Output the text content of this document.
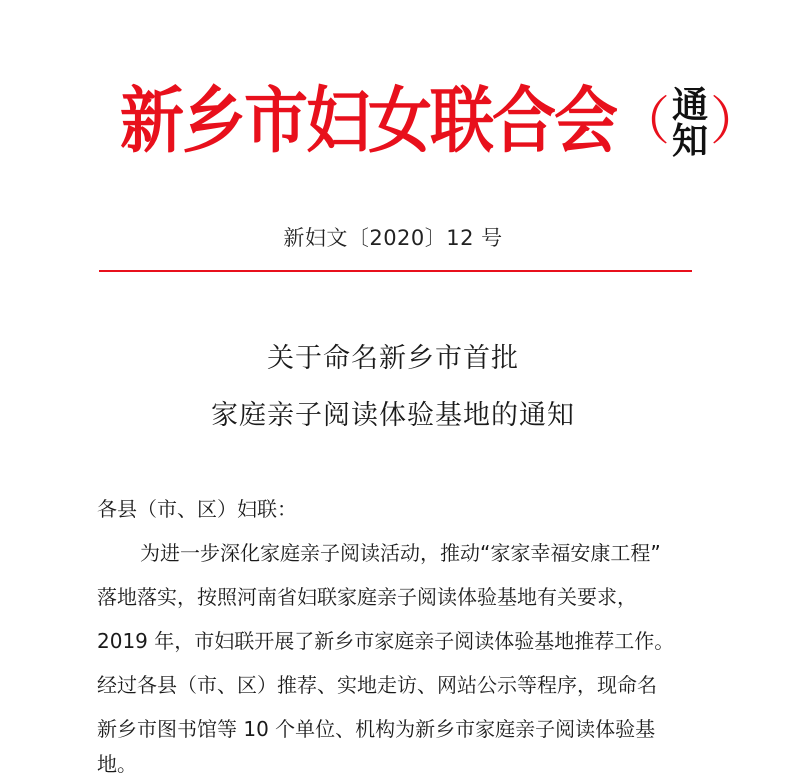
新乡市妇女联合会 （ 通知 ）
新妇文〔2020〕12 号
关于命名新乡市首批
家庭亲子阅读体验基地的通知
各县（市、区）妇联：
为进一步深化家庭亲子阅读活动，推动“家家幸福安康工程”
落地落实，按照河南省妇联家庭亲子阅读体验基地有关要求，
2019 年，市妇联开展了新乡市家庭亲子阅读体验基地推荐工作。
经过各县（市、区）推荐、实地走访、网站公示等程序，现命名
新乡市图书馆等 10 个单位、机构为新乡市家庭亲子阅读体验基
地。
